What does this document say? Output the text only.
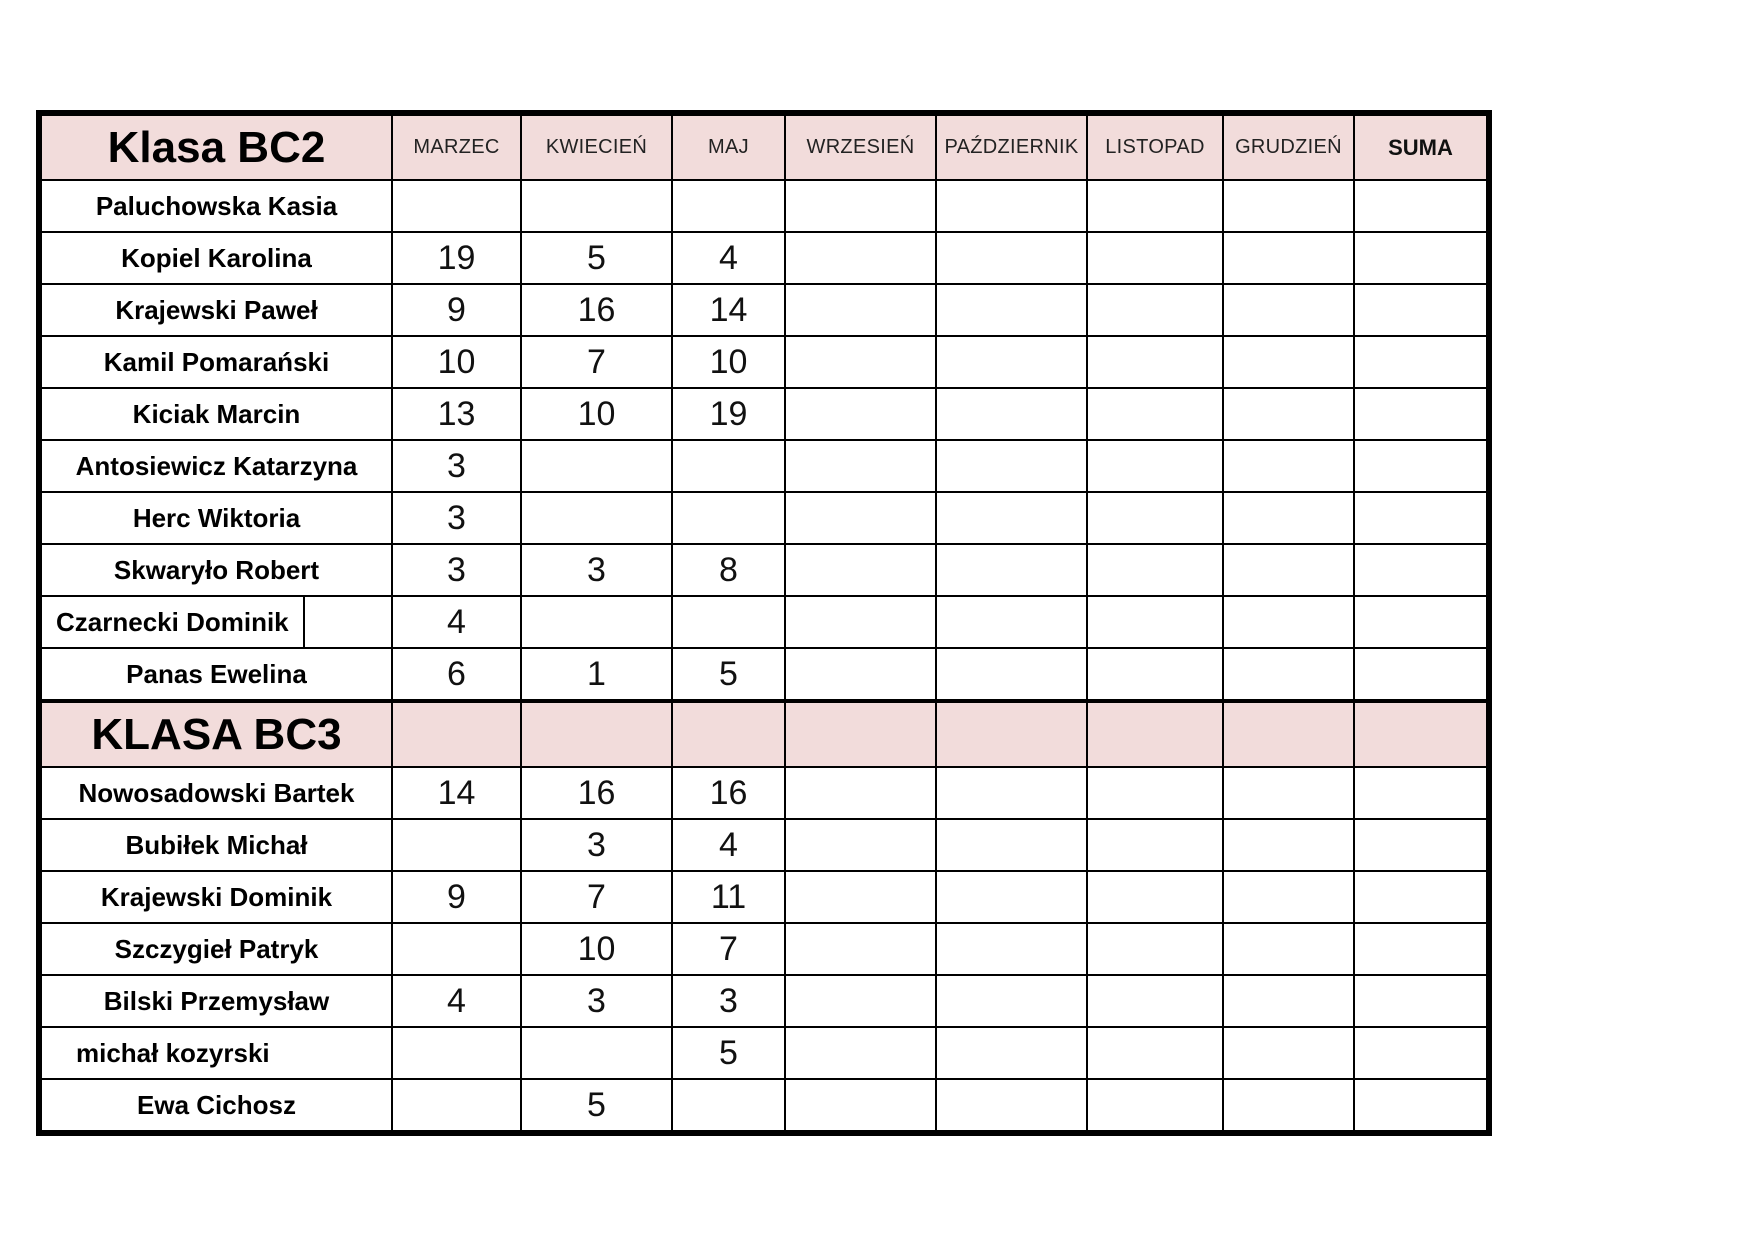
Klasa BC2	MARZEC	KWIECIEŃ	MAJ	WRZESIEŃ	PAŹDZIERNIK	LISTOPAD	GRUDZIEŃ	SUMA
Paluchowska Kasia								
Kopiel Karolina	19	5	4					
Krajewski Paweł	9	16	14					
Kamil Pomarański	10	7	10					
Kiciak Marcin	13	10	19					
Antosiewicz Katarzyna	3							
Herc Wiktoria	3							
Skwaryło Robert	3	3	8					

Czarnecki Dominik	4							
Panas Ewelina	6	1	5					
KLASA BC3								
Nowosadowski Bartek	14	16	16					
Bubiłek Michał		3	4					
Krajewski Dominik	9	7	11					
Szczygieł Patryk		10	7					
Bilski Przemysław	4	3	3					
michał kozyrski			5					
Ewa Cichosz		5						
